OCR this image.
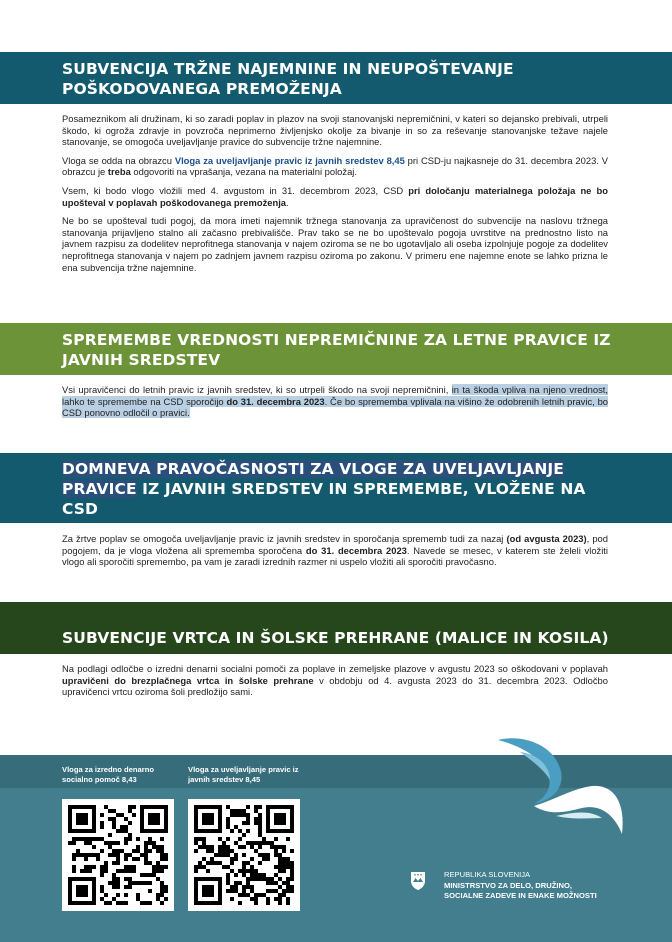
SUBVENCIJA TRŽNE NAJEMNINE IN NEUPOŠTEVANJE POŠKODOVANEGA PREMOŽENJA

Posameznikom ali družinam, ki so zaradi poplav in plazov na svoji stanovanjski nepremičnini, v kateri so dejansko prebivali, utrpeli škodo, ki ogroža zdravje in povzroča neprimerno življenjsko okolje za bivanje in so za reševanje stanovanjske težave najele stanovanje, se omogoča uveljavljanje pravice do subvencije tržne najemnine.

Vloga se odda na obrazcu Vloga za uveljavljanje pravic iz javnih sredstev 8,45 pri CSD-ju najkasneje do 31. decembra 2023. V obrazcu je treba odgovoriti na vprašanja, vezana na materialni položaj.

Vsem, ki bodo vlogo vložili med 4. avgustom in 31. decembrom 2023, CSD pri določanju materialnega položaja ne bo upošteval v poplavah poškodovanega premoženja.

Ne bo se upošteval tudi pogoj, da mora imeti najemnik tržnega stanovanja za upravičenost do subvencije na naslovu tržnega stanovanja prijavljeno stalno ali začasno prebivališče. Prav tako se ne bo upoštevalo pogoja uvrstitve na prednostno listo na javnem razpisu za dodelitev neprofitnega stanovanja v najem oziroma se ne bo ugotavljalo ali oseba izpolnjuje pogoje za dodelitev neprofitnega stanovanja v najem po zadnjem javnem razpisu oziroma po zakonu. V primeru ene najemne enote se lahko prizna le ena subvencija tržne najemnine.

SPREMEMBE VREDNOSTI NEPREMIČNINE ZA LETNE PRAVICE IZ JAVNIH SREDSTEV

Vsi upravičenci do letnih pravic iz javnih sredstev, ki so utrpeli škodo na svoji nepremičnini, in ta škoda vpliva na njeno vrednost, lahko te spremembe na CSD sporočijo do 31. decembra 2023. Če bo sprememba vplivala na višino že odobrenih letnih pravic, bo CSD ponovno odločil o pravici.

DOMNEVA PRAVOČASNOSTI ZA VLOGE ZA UVELJAVLJANJE PRAVICE IZ JAVNIH SREDSTEV IN SPREMEMBE, VLOŽENE NA CSD
DO 31. DECEMBRA 2023

Za žrtve poplav se omogoča uveljavljanje pravic iz javnih sredstev in sporočanja sprememb tudi za nazaj (od avgusta 2023), pod pogojem, da je vloga vložena ali sprememba sporočena do 31. decembra 2023. Navede se mesec, v katerem ste želeli vložiti vlogo ali sporočiti spremembo, pa vam je zaradi izrednih razmer ni uspelo vložiti ali sporočiti pravočasno.

SUBVENCIJE VRTCA IN ŠOLSKE PREHRANE (MALICE IN KOSILA)

Na podlagi odločbe o izredni denarni socialni pomoči za poplave in zemeljske plazove v avgustu 2023 so oškodovani v poplavah upravičeni do brezplačnega vrtca in šolske prehrane v obdobju od 4. avgusta 2023 do 31. decembra 2023. Odločbo upravičenci vrtcu oziroma šoli predložijo sami.

Vloga za izredno denarno socialno pomoč 8,43
Vloga za uveljavljanje pravic iz javnih sredstev 8,45
REPUBLIKA SLOVENIJA
MINISTRSTVO ZA DELO, DRUŽINO,
SOCIALNE ZADEVE IN ENAKE MOŽNOSTI
